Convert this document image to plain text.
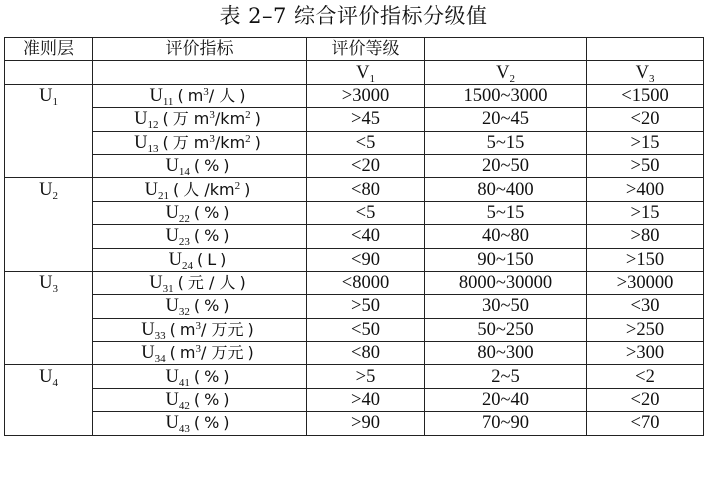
表 2–7 综合评价指标分级值
准则层	评价指标	评价等级		
		$V_1$	$V_2$	$V_3$
$U_1$	$U_{11}$ ( $m^3/$ 人 )	>3000	1500~3000	<1500
	$U_{12}$ ( 万 $m^3/km^2$ )	>45	20~45	<20
	$U_{13}$ ( 万 $m^3/km^2$ )	<5	5~15	>15
	$U_{14}$ ( % )	<20	20~50	>50
$U_2$	$U_{21}$ ( 人 $/km^2$ )	<80	80~400	>400
	$U_{22}$ ( % )	<5	5~15	>15
	$U_{23}$ ( % )	<40	40~80	>80
	$U_{24}$ ( L )	<90	90~150	>150
$U_3$	$U_{31}$ ( 元 / 人 )	<8000	8000~30000	>30000
	$U_{32}$ ( % )	>50	30~50	<30
	$U_{33}$ ( $m^3/$ 万元 )	<50	50~250	>250
	$U_{34}$ ( $m^3/$ 万元 )	<80	80~300	>300
$U_4$	$U_{41}$ ( % )	>5	2~5	<2
	$U_{42}$ ( % )	>40	20~40	<20
	$U_{43}$ ( % )	>90	70~90	<70
